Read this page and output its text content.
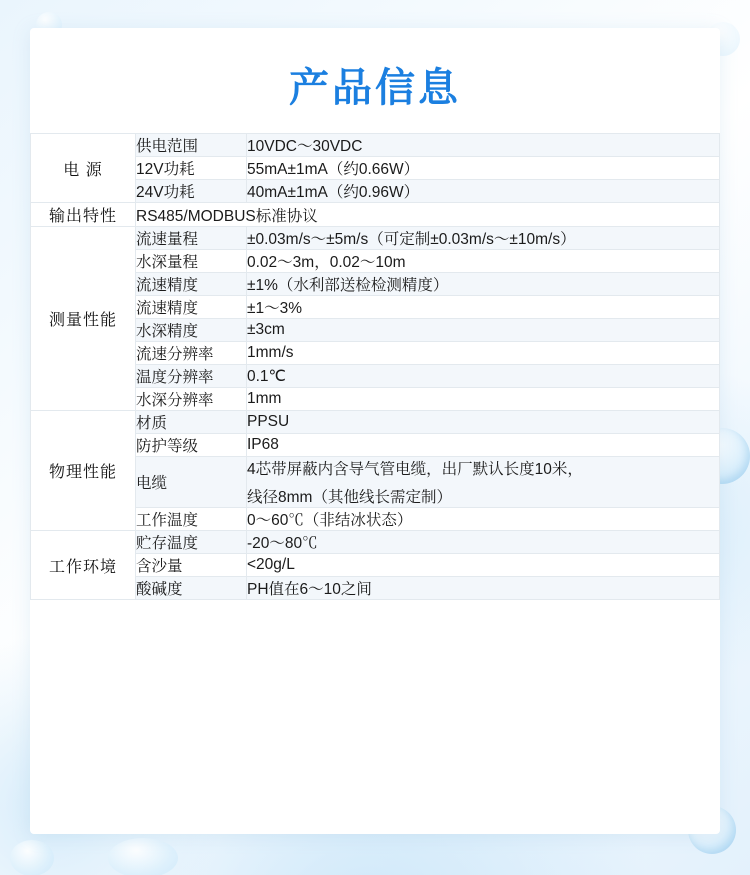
产品信息
电 源	供电范围	10VDC～30VDC
	12V功耗	55mA±1mA（约0.66W）
	24V功耗	40mA±1mA（约0.96W）
输出特性	RS485/MODBUS标准协议	
测量性能	流速量程	±0.03m/s～±5m/s（可定制±0.03m/s～±10m/s）
	水深量程	0.02～3m，0.02～10m
	流速精度	±1%（水利部送检检测精度）
	流速精度	±1～3%
	水深精度	±3cm
	流速分辨率	1mm/s
	温度分辨率	0.1℃
	水深分辨率	1mm
物理性能	材质	PPSU
	防护等级	IP68
	电缆	4芯带屏蔽内含导气管电缆，出厂默认长度10米，
线径8mm（其他线长需定制）

	工作温度	0～60℃（非结冰状态）
工作环境	贮存温度	-20～80℃
	含沙量	<20g/L
	酸碱度	PH值在6～10之间
